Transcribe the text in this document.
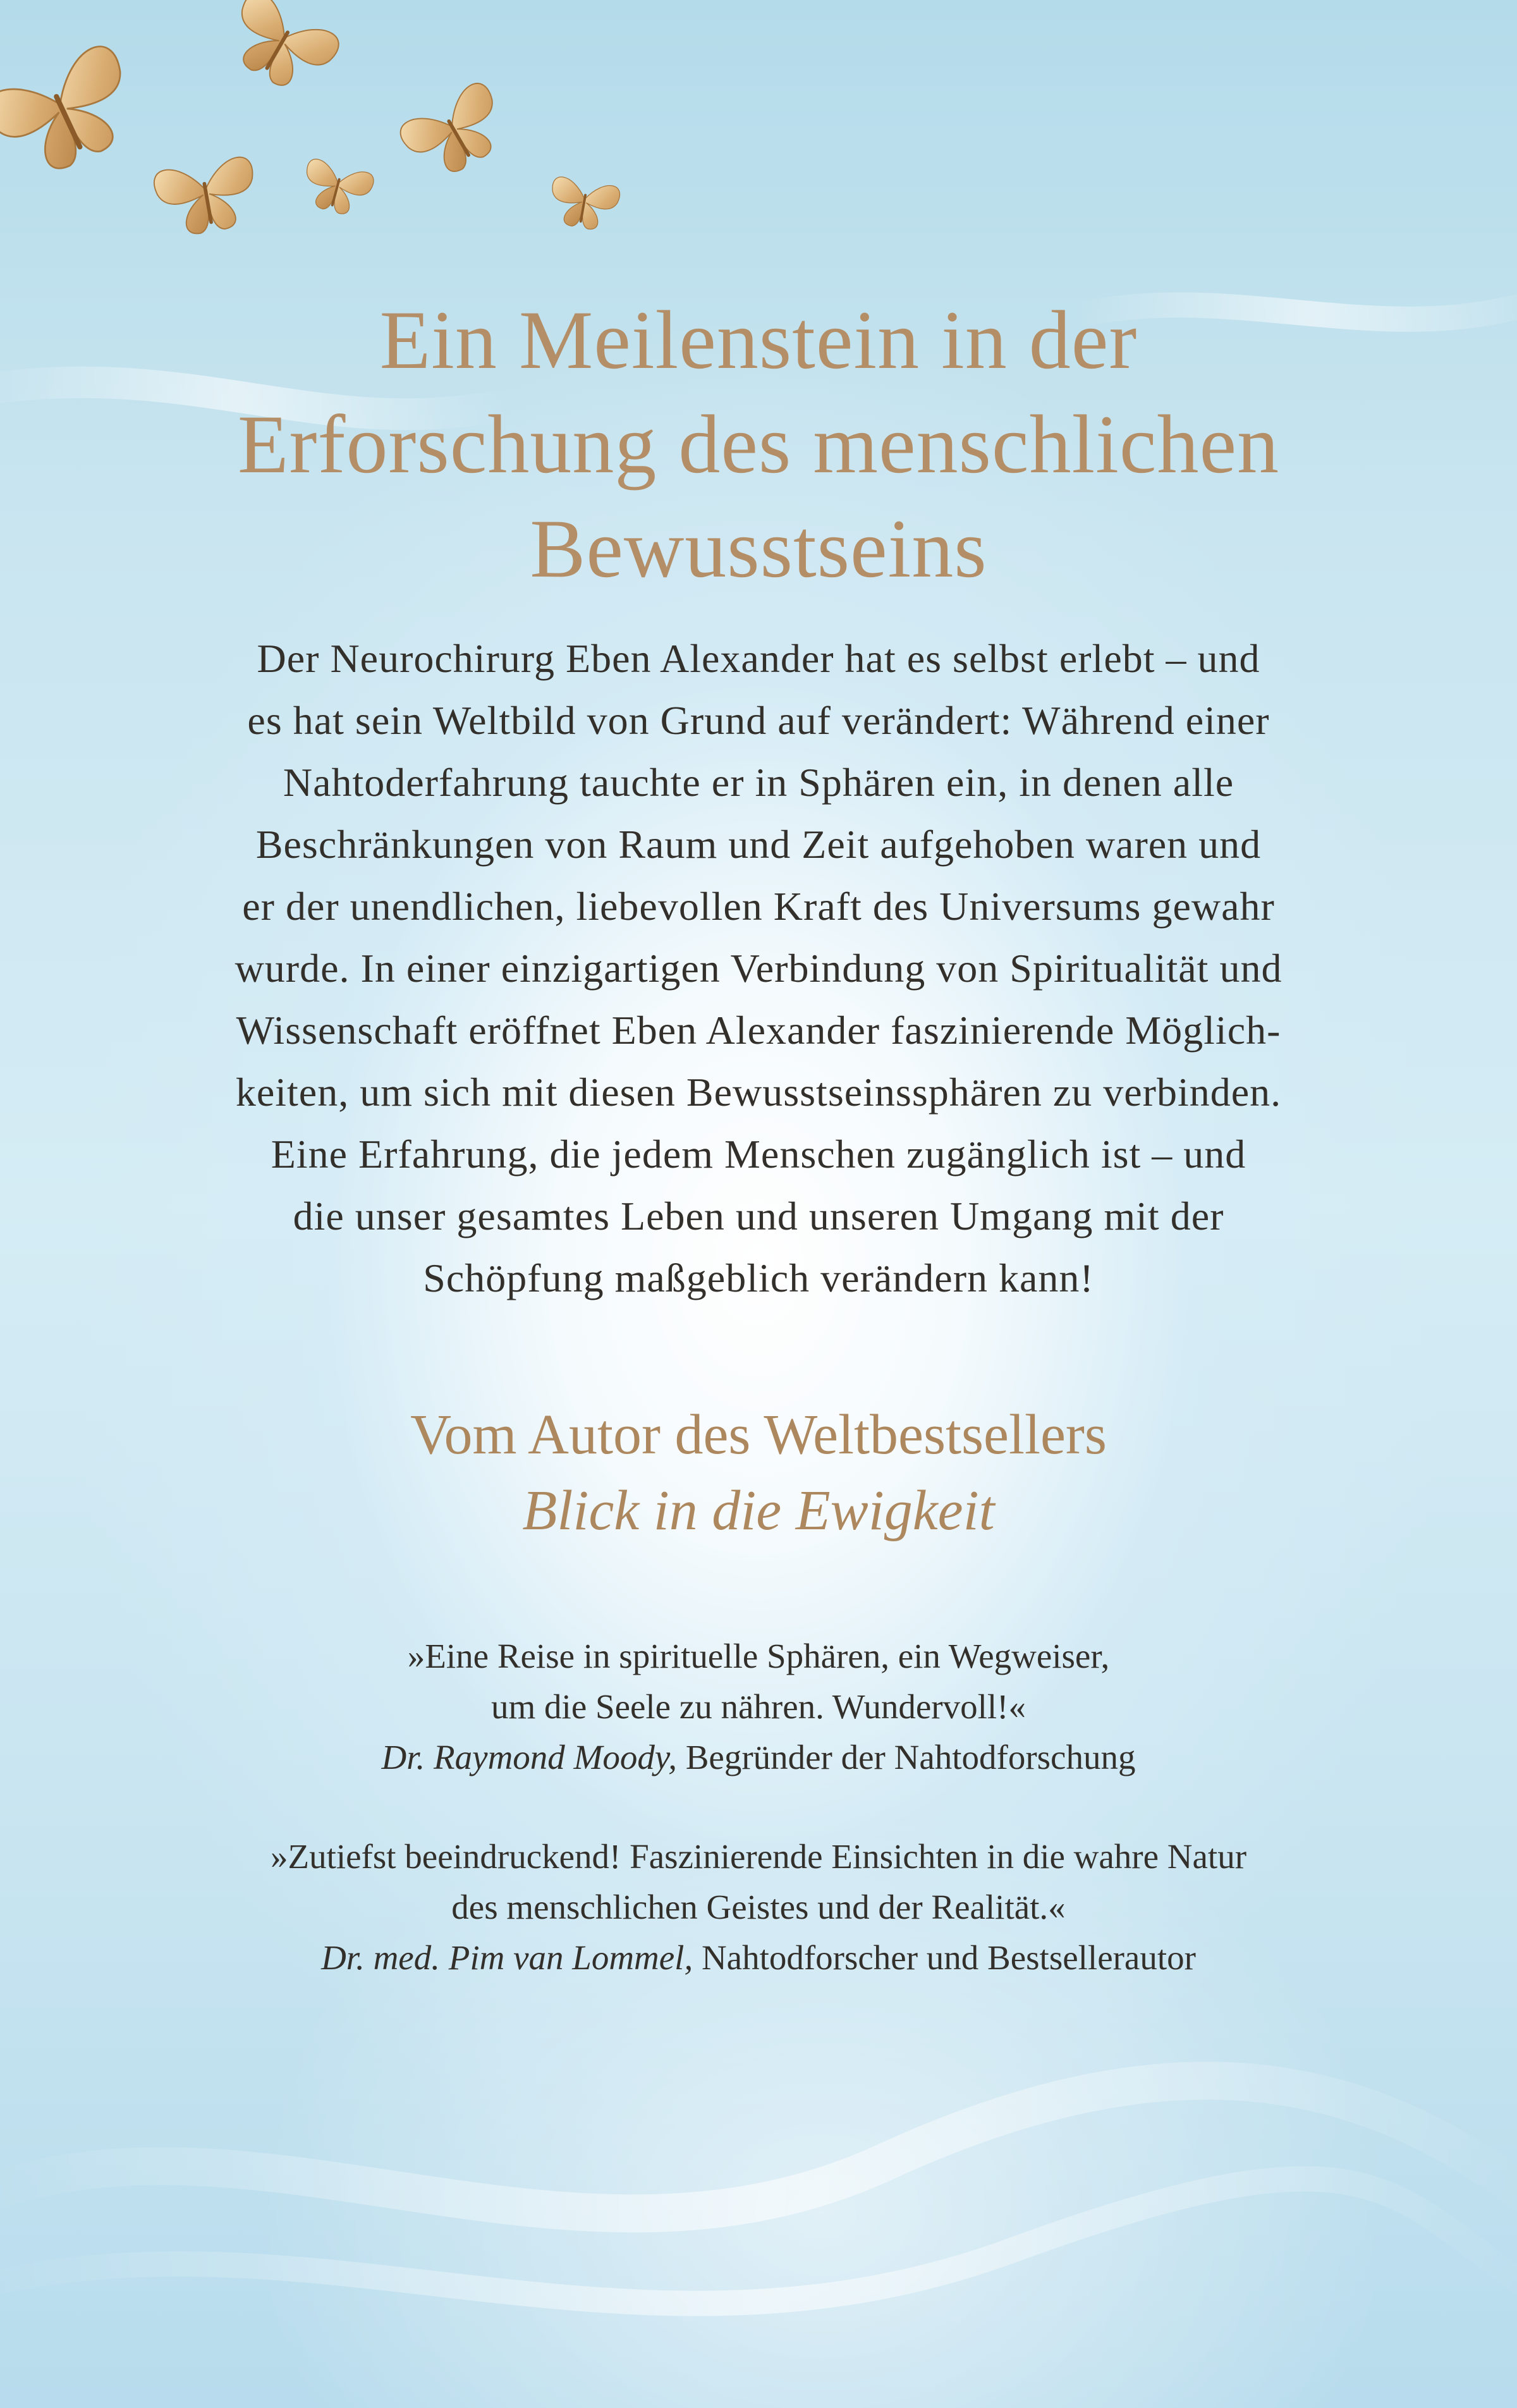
Ein Meilenstein in der
Erforschung des menschlichen
Bewusstseins
Der Neurochirurg Eben Alexander hat es selbst erlebt – und
es hat sein Weltbild von Grund auf verändert: Während einer
Nahtoderfahrung tauchte er in Sphären ein, in denen alle
Beschränkungen von Raum und Zeit aufgehoben waren und
er der unendlichen, liebevollen Kraft des Universums gewahr
wurde. In einer einzigartigen Verbindung von Spiritualität und
Wissenschaft eröffnet Eben Alexander faszinierende Möglich-
keiten, um sich mit diesen Bewusstseinssphären zu verbinden.
Eine Erfahrung, die jedem Menschen zugänglich ist – und
die unser gesamtes Leben und unseren Umgang mit der
Schöpfung maßgeblich verändern kann!
Vom Autor des Weltbestsellers
Blick in die Ewigkeit
»Eine Reise in spirituelle Sphären, ein Wegweiser,
um die Seele zu nähren. Wundervoll!«
Dr. Raymond Moody, Begründer der Nahtodforschung
»Zutiefst beeindruckend! Faszinierende Einsichten in die wahre Natur
des menschlichen Geistes und der Realität.«
Dr. med. Pim van Lommel, Nahtodforscher und Bestsellerautor
